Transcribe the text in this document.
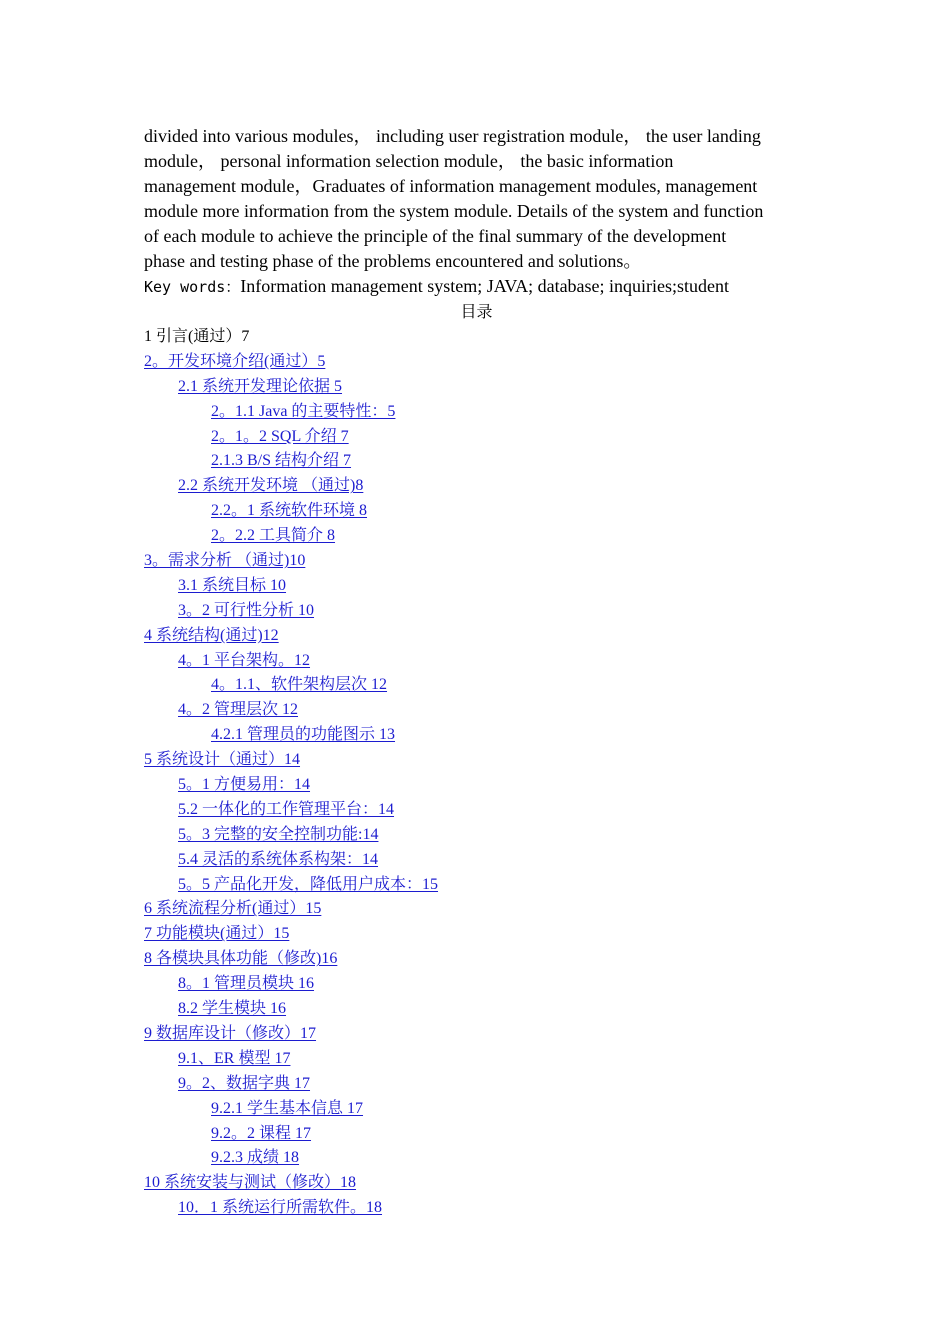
divided into various modules， including user registration module， the user landing
module， personal information selection module， the basic information
management module，Graduates of information management modules, management
module more information from the system module. Details of the system and function
of each module to achieve the principle of the final summary of the development
phase and testing phase of the problems encountered and solutions。
Key words：Information management system; JAVA; database; inquiries;student
目录
1 引言(通过）7
2。开发环境介绍(通过）5
2.1 系统开发理论依据 5
2。1.1 Java 的主要特性：5
2。1。2 SQL 介绍 7
2.1.3 B/S 结构介绍 7
2.2 系统开发环境 （通过)8
2.2。1 系统软件环境 8
2。2.2 工具简介 8
3。需求分析 （通过)10
3.1 系统目标 10
3。2 可行性分析 10
4 系统结构(通过)12
4。1 平台架构。12
4。1.1、软件架构层次 12
4。2 管理层次 12
4.2.1 管理员的功能图示 13
5 系统设计（通过）14
5。1 方便易用：14
5.2 一体化的工作管理平台：14
5。3 完整的安全控制功能:14
5.4 灵活的系统体系构架：14
5。5 产品化开发，降低用户成本：15
6 系统流程分析(通过）15
7 功能模块(通过）15
8 各模块具体功能（修改)16
8。1 管理员模块 16
8.2 学生模块 16
9 数据库设计（修改）17
9.1、ER 模型 17
9。2、数据字典 17
9.2.1 学生基本信息 17
9.2。2 课程 17
9.2.3 成绩 18
10 系统安装与测试（修改）18
10．1 系统运行所需软件。18
